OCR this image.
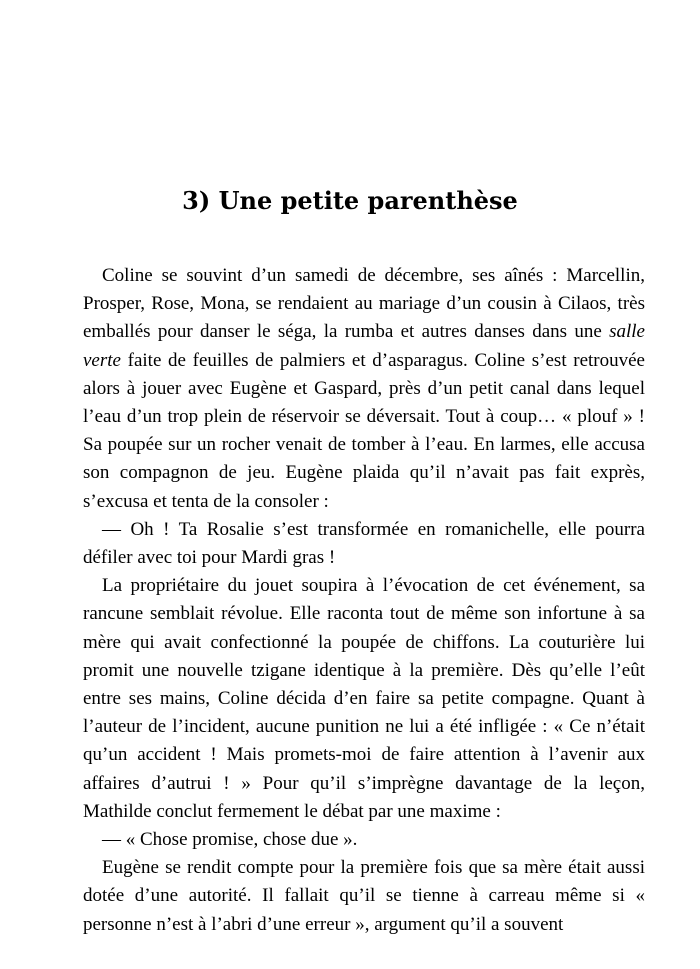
3) Une petite parenthèse

Coline se souvint d’un samedi de décembre, ses aînés : Marcellin, Prosper, Rose, Mona, se rendaient au mariage d’un cousin à Cilaos, très emballés pour danser le séga, la rumba et autres danses dans une salle verte faite de feuilles de palmiers et d’asparagus. Coline s’est retrouvée alors à jouer avec Eugène et Gaspard, près d’un petit canal dans lequel l’eau d’un trop plein de réservoir se déversait. Tout à coup… « plouf » ! Sa poupée sur un rocher venait de tomber à l’eau. En larmes, elle accusa son compagnon de jeu. Eugène plaida qu’il n’avait pas fait exprès, s’excusa et tenta de la consoler :

— Oh ! Ta Rosalie s’est transformée en romanichelle, elle pourra défiler avec toi pour Mardi gras !

La propriétaire du jouet soupira à l’évocation de cet événement, sa rancune semblait révolue. Elle raconta tout de même son infortune à sa mère qui avait confectionné la poupée de chiffons. La couturière lui promit une nouvelle tzigane identique à la première. Dès qu’elle l’eût entre ses mains, Coline décida d’en faire sa petite compagne. Quant à l’auteur de l’incident, aucune punition ne lui a été infligée : « Ce n’était qu’un accident ! Mais promets-moi de faire attention à l’avenir aux affaires d’autrui ! » Pour qu’il s’imprègne davantage de la leçon, Mathilde conclut fermement le débat par une maxime :

— « Chose promise, chose due ».

Eugène se rendit compte pour la première fois que sa mère était aussi dotée d’une autorité. Il fallait qu’il se tienne à carreau même si « personne n’est à l’abri d’une erreur », argument qu’il a souvent
